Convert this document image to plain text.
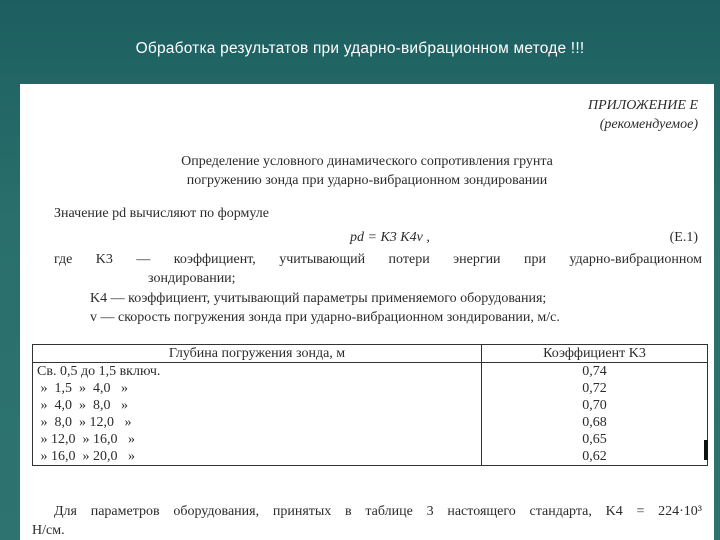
Обработка результатов при ударно-вибрационном методе !!!
ПРИЛОЖЕНИЕ Е
(рекомендуемое)
Определение условного динамического сопротивления грунта
погружению зонда при ударно-вибрационном зондировании
Значение pd вычисляют по формуле
pd = K3 K4v ,	(Е.1)
где K3 — коэффициент, учитывающий потери энергии при ударно-вибрационном
зондировании;
K4 — коэффициент, учитывающий параметры применяемого оборудования;
v — скорость погружения зонда при ударно-вибрационном зондировании, м/с.
Глубина погружения зонда, м	Коэффициент K3
Св. 0,5 до 1,5 включ.	0,74
»  1,5  »  4,0   »	0,72
»  4,0  »  8,0   »	0,70
»  8,0  » 12,0   »	0,68
» 12,0  » 16,0   »	0,65
» 16,0  » 20,0   »	0,62
Для параметров оборудования, принятых в таблице 3 настоящего стандарта, K4 = 224·10³
Н/см.
